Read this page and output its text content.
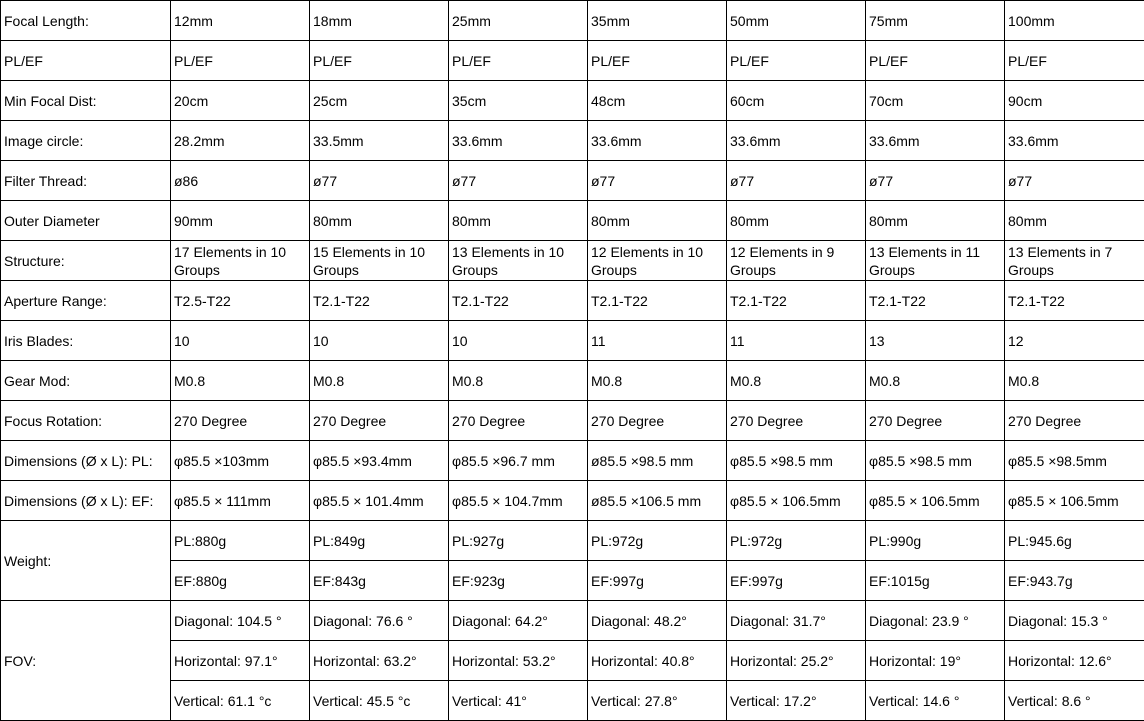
Focal Length:	12mm	18mm	25mm	35mm	50mm	75mm	100mm
PL/EF	PL/EF	PL/EF	PL/EF	PL/EF	PL/EF	PL/EF	PL/EF
Min Focal Dist:	20cm	25cm	35cm	48cm	60cm	70cm	90cm
Image circle:	28.2mm	33.5mm	33.6mm	33.6mm	33.6mm	33.6mm	33.6mm
Filter Thread:	ø86	ø77	ø77	ø77	ø77	ø77	ø77
Outer Diameter	90mm	80mm	80mm	80mm	80mm	80mm	80mm
Structure:	17 Elements in 10 Groups	15 Elements in 10 Groups	13 Elements in 10 Groups	12 Elements in 10 Groups	12 Elements in 9 Groups	13 Elements in 11 Groups	13 Elements in 7 Groups
Aperture Range:	T2.5-T22	T2.1-T22	T2.1-T22	T2.1-T22	T2.1-T22	T2.1-T22	T2.1-T22
Iris Blades:	10	10	10	11	11	13	12
Gear Mod:	M0.8	M0.8	M0.8	M0.8	M0.8	M0.8	M0.8
Focus Rotation:	270 Degree	270 Degree	270 Degree	270 Degree	270 Degree	270 Degree	270 Degree
Dimensions (Ø x L): PL:	φ85.5 ×103mm	φ85.5 ×93.4mm	φ85.5 ×96.7 mm	ø85.5 ×98.5 mm	φ85.5 ×98.5 mm	φ85.5 ×98.5 mm	φ85.5 ×98.5mm
Dimensions (Ø x L): EF:	φ85.5 × 111mm	φ85.5 × 101.4mm	φ85.5 × 104.7mm	ø85.5 ×106.5 mm	φ85.5 × 106.5mm	φ85.5 × 106.5mm	φ85.5 × 106.5mm
Weight:	PL:880g	PL:849g	PL:927g	PL:972g	PL:972g	PL:990g	PL:945.6g
	EF:880g	EF:843g	EF:923g	EF:997g	EF:997g	EF:1015g	EF:943.7g
FOV:	Diagonal: 104.5 °	Diagonal: 76.6 °	Diagonal: 64.2°	Diagonal: 48.2°	Diagonal: 31.7°	Diagonal: 23.9 °	Diagonal: 15.3 °
	Horizontal: 97.1°	Horizontal: 63.2°	Horizontal: 53.2°	Horizontal: 40.8°	Horizontal: 25.2°	Horizontal: 19°	Horizontal: 12.6°
	Vertical: 61.1 °c	Vertical: 45.5 °c	Vertical: 41°	Vertical: 27.8°	Vertical: 17.2°	Vertical: 14.6 °	Vertical: 8.6 °
